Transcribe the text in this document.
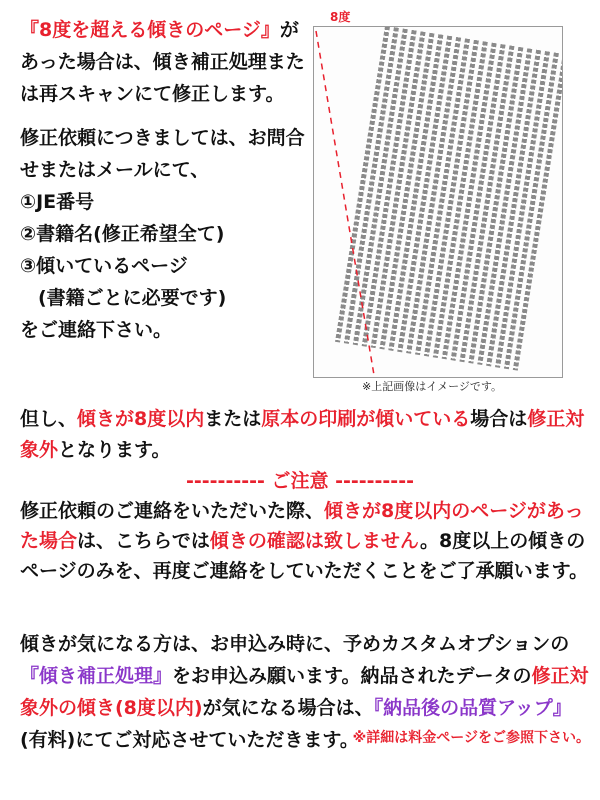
『8度を超える傾きのページ』があった場合は、傾き補正処理または再スキャンにて修正します。

修正依頼につきましては、お問合せまたはメールにて、
①JE番号
②書籍名(修正希望全て)
③傾いているページ
(書籍ごとに必要です)
をご連絡下さい。

8度
※上記画像はイメージです。

但し、傾きが8度以内または原本の印刷が傾いている場合は修正対象外となります。

---------- ご注意 ----------

修正依頼のご連絡をいただいた際、傾きが8度以内のページがあった場合は、こちらでは傾きの確認は致しません。8度以上の傾きのページのみを、再度ご連絡をしていただくことをご了承願います。

傾きが気になる方は、お申込み時に、予めカスタムオプションの『傾き補正処理』をお申込み願います。納品されたデータの修正対象外の傾き(8度以内)が気になる場合は、『納品後の品質アップ』(有料)にてご対応させていただきます。
※詳細は料金ページをご参照下さい。
